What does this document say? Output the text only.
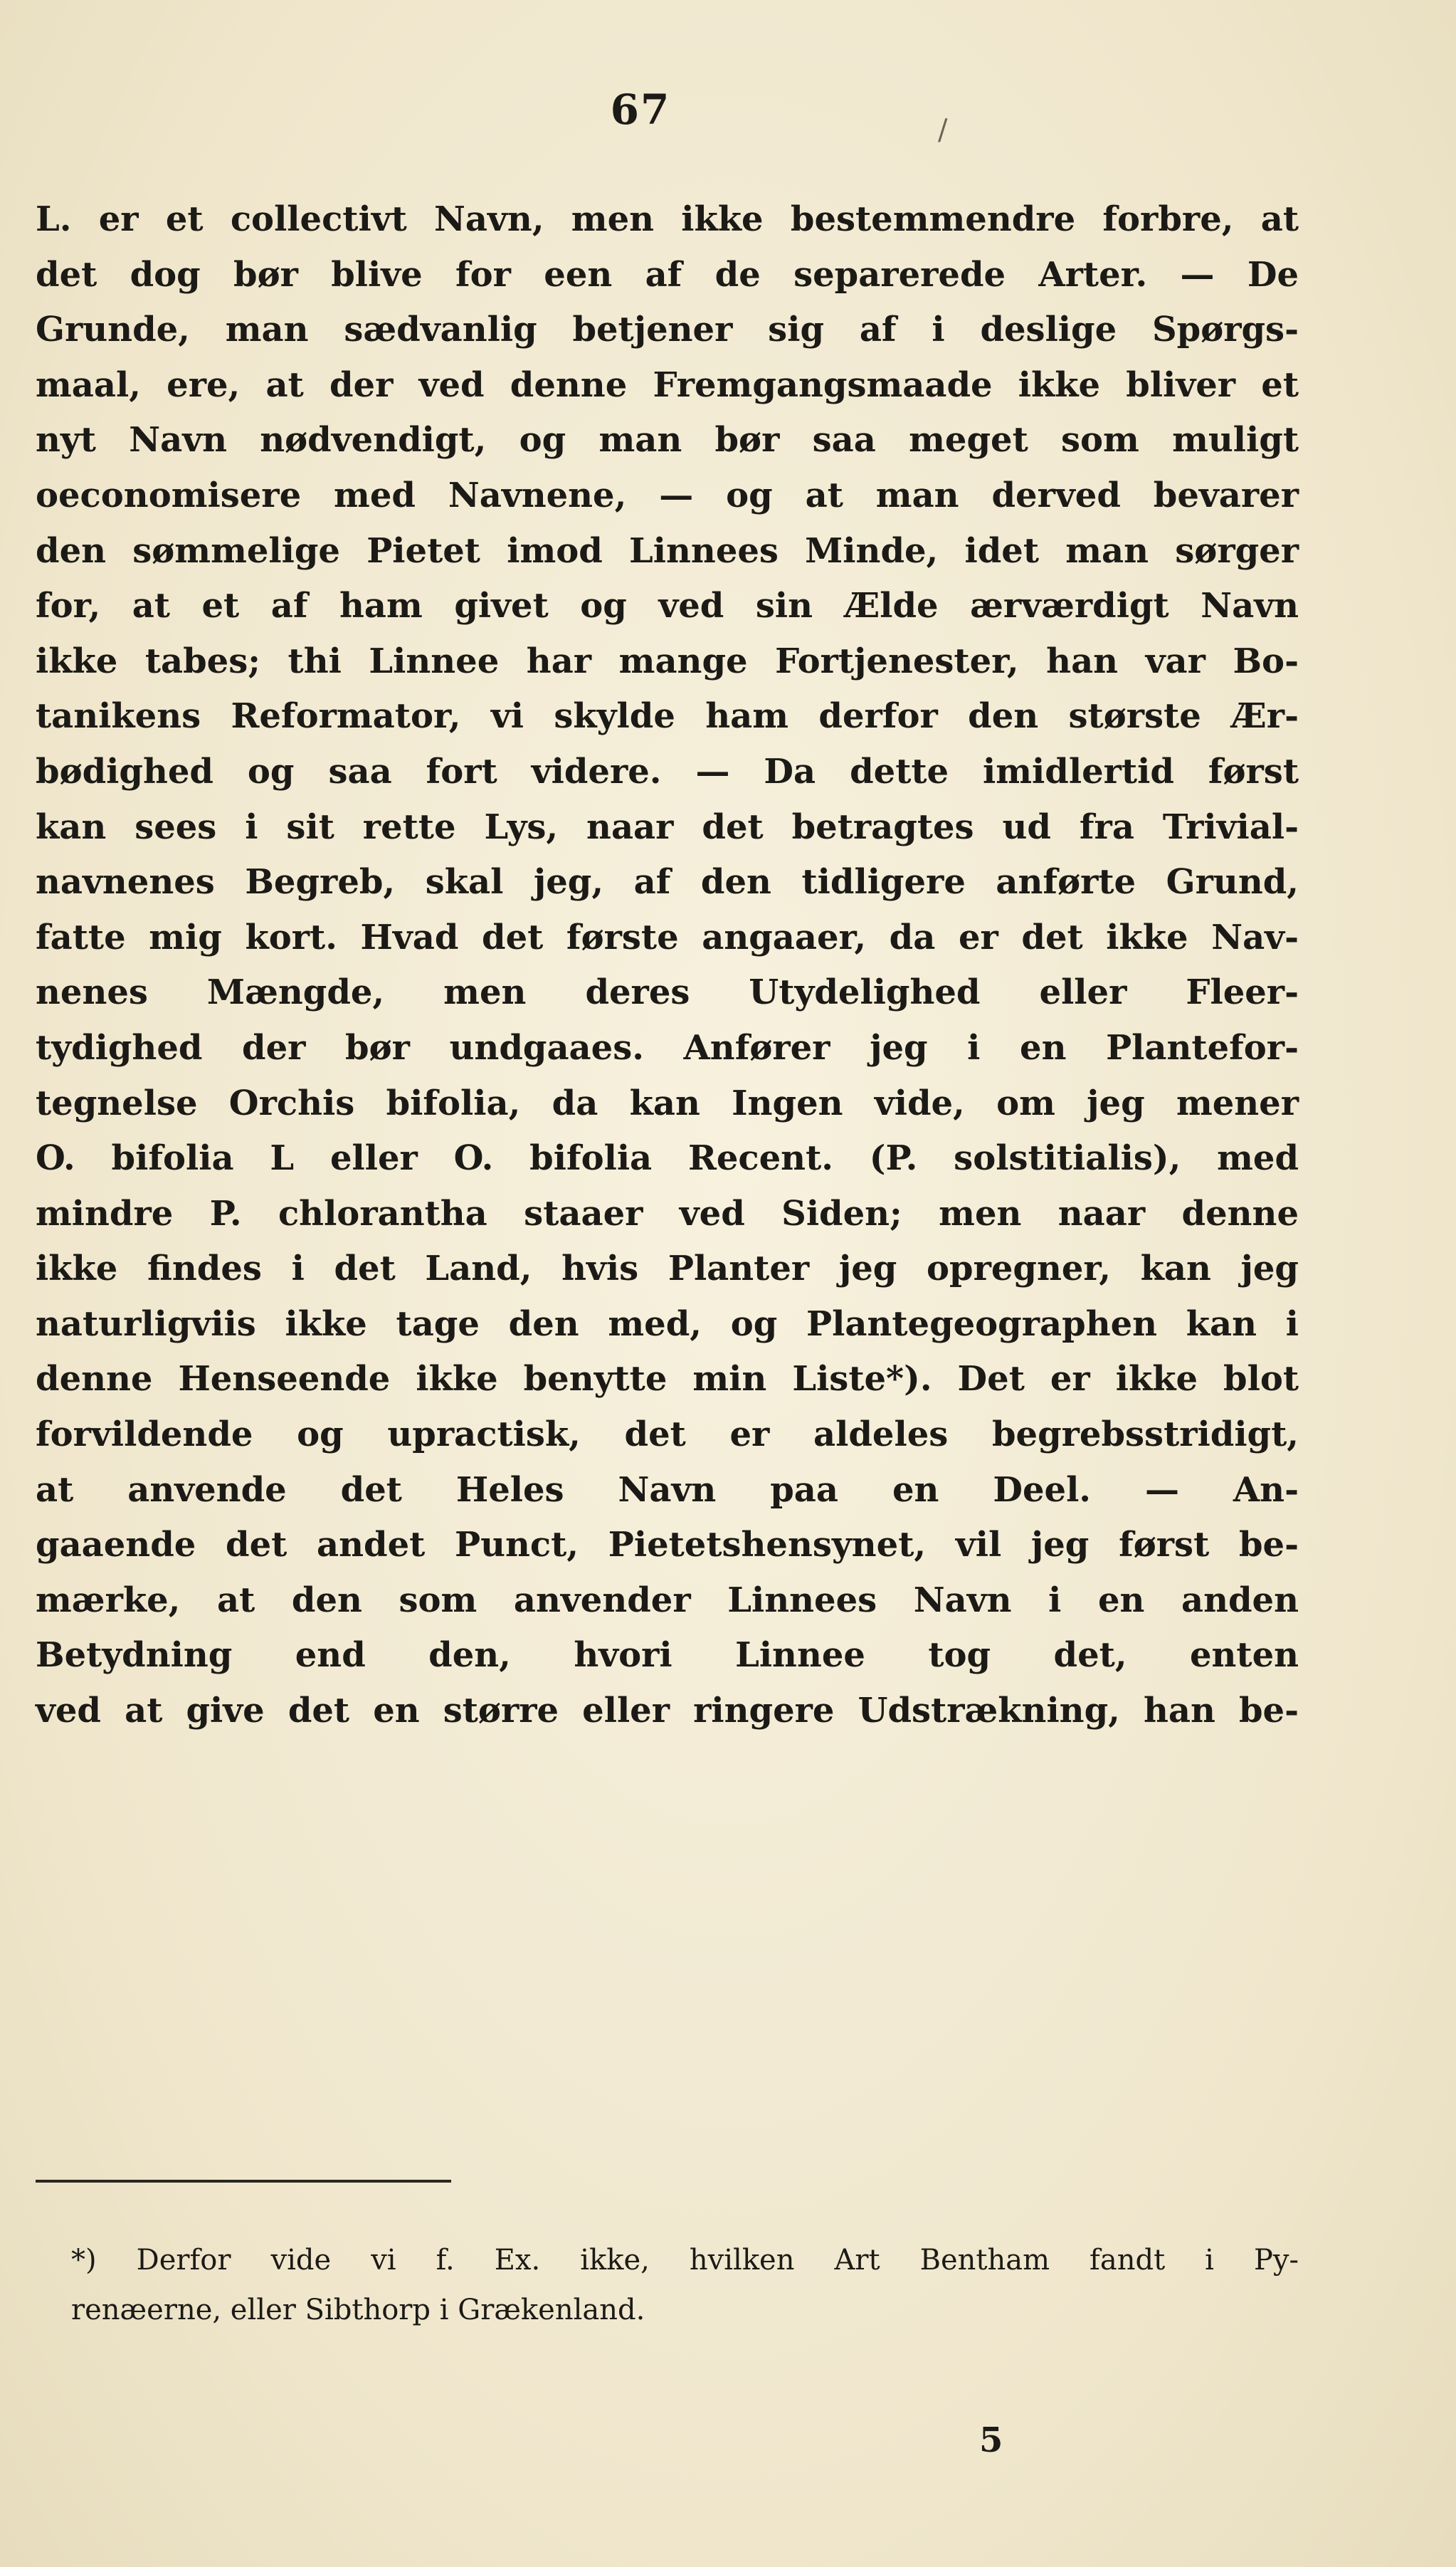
67	/
L. er et collectivt Navn, men ikke bestemmendre forbre, at
det dog bør blive for een af de separerede Arter. — De
Grunde, man sædvanlig betjener sig af i deslige Spørgs-
maal, ere, at der ved denne Fremgangsmaade ikke bliver et
nyt Navn nødvendigt, og man bør saa meget som muligt
oeconomisere med Navnene, — og at man derved bevarer
den sømmelige Pietet imod Linnees Minde, idet man sørger
for, at et af ham givet og ved sin Ælde ærværdigt Navn
ikke tabes; thi Linnee har mange Fortjenester, han var Bo-
tanikens Reformator, vi skylde ham derfor den største Ær-
bødighed og saa fort videre. — Da dette imidlertid først
kan sees i sit rette Lys, naar det betragtes ud fra Trivial-
navnenes Begreb, skal jeg, af den tidligere anførte Grund,
fatte mig kort. Hvad det første angaaer, da er det ikke Nav-
nenes Mængde, men deres Utydelighed eller Fleer-
tydighed der bør undgaaes. Anfører jeg i en Plantefor-
tegnelse Orchis bifolia, da kan Ingen vide, om jeg mener
O. bifolia L eller O. bifolia Recent. (P. solstitialis), med
mindre P. chlorantha staaer ved Siden; men naar denne
ikke findes i det Land, hvis Planter jeg opregner, kan jeg
naturligviis ikke tage den med, og Plantegeographen kan i
denne Henseende ikke benytte min Liste*). Det er ikke blot
forvildende og upractisk, det er aldeles begrebsstridigt,
at anvende det Heles Navn paa en Deel. — An-
gaaende det andet Punct, Pietetshensynet, vil jeg først be-
mærke, at den som anvender Linnees Navn i en anden
Betydning end den, hvori Linnee tog det, enten
ved at give det en større eller ringere Udstrækning, han be-
*) Derfor vide vi f. Ex. ikke, hvilken Art Bentham fandt i Py-
renæerne, eller Sibthorp i Grækenland.
5
